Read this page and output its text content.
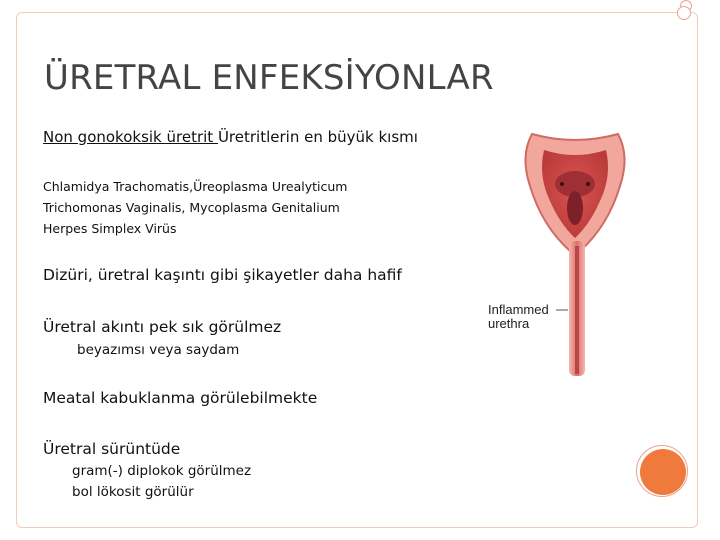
ÜRETRAL ENFEKSİYONLAR
Non gonokoksik üretrit Üretritlerin en büyük kısmı
Chlamidya Trachomatis,Üreoplasma Urealyticum
Trichomonas Vaginalis, Mycoplasma Genitalium
Herpes Simplex Virüs
Dizüri, üretral kaşıntı gibi şikayetler daha hafif
Üretral akıntı pek sık görülmez
beyazımsı veya saydam
Meatal kabuklanma görülebilmekte
Üretral sürüntüde
gram(-) diplokok görülmez
bol lökosit görülür
Inflammed
urethra
